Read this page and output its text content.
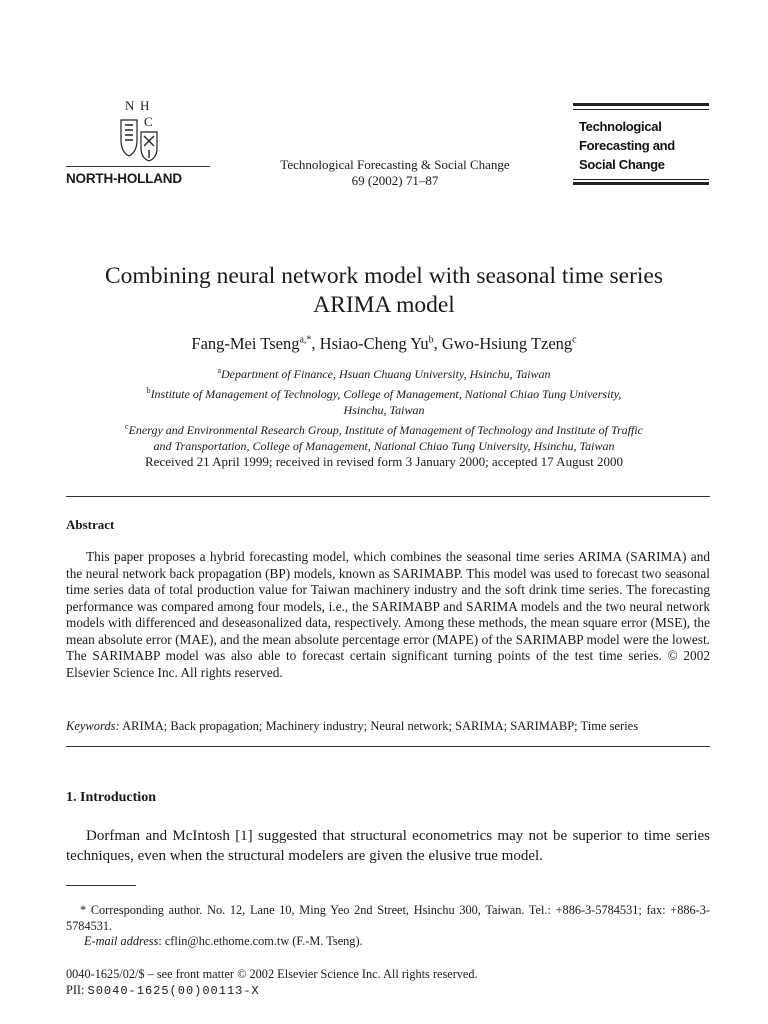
N H
C
NORTH-HOLLAND
Technological Forecasting & Social Change
69 (2002) 71–87
Technological
Forecasting and
Social Change
Combining neural network model with seasonal time series
ARIMA model
Fang-Mei Tseng$^{a,*}$, Hsiao-Cheng Yu$^b$, Gwo-Hsiung Tzeng$^c$
$^a$Department of Finance, Hsuan Chuang University, Hsinchu, Taiwan
$^b$Institute of Management of Technology, College of Management, National Chiao Tung University,
Hsinchu, Taiwan
$^c$Energy and Environmental Research Group, Institute of Management of Technology and Institute of Traffic
and Transportation, College of Management, National Chiao Tung University, Hsinchu, Taiwan
Received 21 April 1999; received in revised form 3 January 2000; accepted 17 August 2000
Abstract
This paper proposes a hybrid forecasting model, which combines the seasonal time series ARIMA (SARIMA) and the neural network back propagation (BP) models, known as SARIMABP. This model was used to forecast two seasonal time series data of total production value for Taiwan machinery industry and the soft drink time series. The forecasting performance was compared among four models, i.e., the SARIMABP and SARIMA models and the two neural network models with differenced and deseasonalized data, respectively. Among these methods, the mean square error (MSE), the mean absolute error (MAE), and the mean absolute percentage error (MAPE) of the SARIMABP model were the lowest. The SARIMABP model was also able to forecast certain significant turning points of the test time series. © 2002 Elsevier Science Inc. All rights reserved.
Keywords: ARIMA; Back propagation; Machinery industry; Neural network; SARIMA; SARIMABP; Time series
1. Introduction
Dorfman and McIntosh [1] suggested that structural econometrics may not be superior to time series techniques, even when the structural modelers are given the elusive true model.
* Corresponding author. No. 12, Lane 10, Ming Yeo 2nd Street, Hsinchu 300, Taiwan. Tel.: +886-3-5784531; fax: +886-3-5784531.
E-mail address: cflin@hc.ethome.com.tw (F.-M. Tseng).
0040-1625/02/$ – see front matter © 2002 Elsevier Science Inc. All rights reserved.
PII: S0040-1625(00)00113-X
